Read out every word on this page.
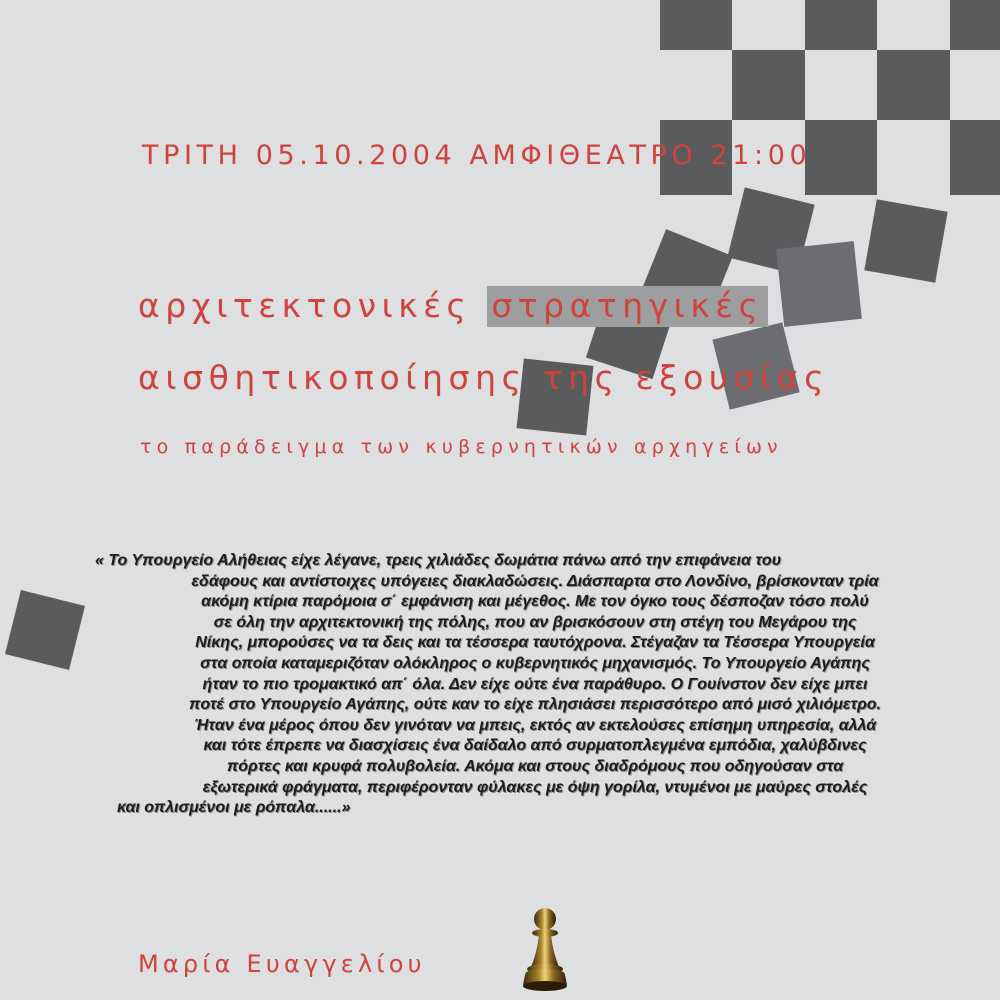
ΤΡΙΤΗ 05.10.2004 ΑΜΦΙΘΕΑΤΡΟ 21:00
αρχιτεκτονικές στρατηγικές
αισθητικοποίησης της εξουσίας
το παράδειγμα των κυβερνητικών αρχηγείων
« Το Υπουργείο Αλήθειας είχε λέγανε, τρεις χιλιάδες δωμάτια πάνω από την επιφάνεια του
εδάφους και αντίστοιχες υπόγειες διακλαδώσεις. Διάσπαρτα στο Λονδίνο, βρίσκονταν τρία
ακόμη κτίρια παρόμοια σ΄ εμφάνιση και μέγεθος. Με τον όγκο τους δέσποζαν τόσο πολύ
σε όλη την αρχιτεκτονική της πόλης, που αν βρισκόσουν στη στέγη του Μεγάρου της
Νίκης, μπορούσες να τα δεις και τα τέσσερα ταυτόχρονα. Στέγαζαν τα Τέσσερα Υπουργεία
στα οποία καταμεριζόταν ολόκληρος ο κυβερνητικός μηχανισμός. Το Υπουργείο Αγάπης
ήταν το πιο τρομακτικό απ΄ όλα. Δεν είχε ούτε ένα παράθυρο. Ο Γουίνστον δεν είχε μπει
ποτέ στο Υπουργείο Αγάπης, ούτε καν το είχε πλησιάσει περισσότερο από μισό χιλιόμετρο.
Ήταν ένα μέρος όπου δεν γινόταν να μπεις, εκτός αν εκτελούσες επίσημη υπηρεσία, αλλά
και τότε έπρεπε να διασχίσεις ένα δαίδαλο από συρματοπλεγμένα εμπόδια, χαλύβδινες
πόρτες και κρυφά πολυβολεία. Ακόμα και στους διαδρόμους που οδηγούσαν στα
εξωτερικά φράγματα, περιφέρονταν φύλακες με όψη γορίλα, ντυμένοι με μαύρες στολές
και οπλισμένοι με ρόπαλα......»
Μαρία Ευαγγελίου
